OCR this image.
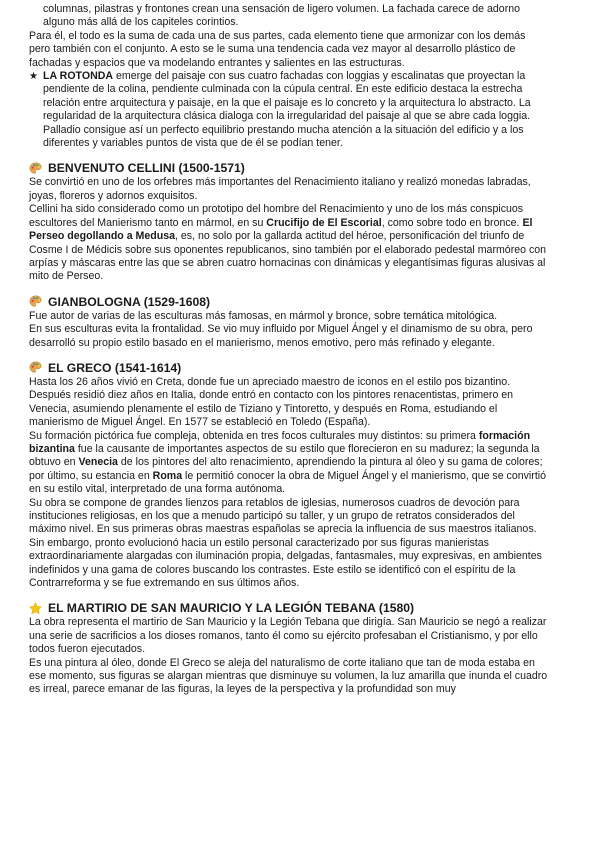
columnas, pilastras y frontones crean una sensación de ligero volumen. La fachada carece de adorno alguno más allá de los capiteles corintios.

Para él, el todo es la suma de cada una de sus partes, cada elemento tiene que armonizar con los demás pero también con el conjunto. A esto se le suma una tendencia cada vez mayor al desarrollo plástico de fachadas y espacios que va modelando entrantes y salientes en las estructuras.

★ LA ROTONDA emerge del paisaje con sus cuatro fachadas con loggias y escalinatas que proyectan la pendiente de la colina, pendiente culminada con la cúpula central. En este edificio destaca la estrecha relación entre arquitectura y paisaje, en la que el paisaje es lo concreto y la arquitectura lo abstracto. La regularidad de la arquitectura clásica dialoga con la irregularidad del paisaje al que se abre cada loggia. Palladio consigue así un perfecto equilibrio prestando mucha atención a la situación del edificio y a los diferentes y variables puntos de vista que de él se podían tener.

BENVENUTO CELLINI (1500-1571)

Se convirtió en uno de los orfebres más importantes del Renacimiento italiano y realizó monedas labradas, joyas, floreros y adornos exquisitos.

Cellini ha sido considerado como un prototipo del hombre del Renacimiento y uno de los más conspicuos escultores del Manierismo tanto en mármol, en su Crucifijo de El Escorial, como sobre todo en bronce. El Perseo degollando a Medusa, es, no solo por la gallarda actitud del héroe, personificación del triunfo de Cosme I de Médicis sobre sus oponentes republicanos, sino también por el elaborado pedestal marmóreo con arpías y máscaras entre las que se abren cuatro hornacinas con dinámicas y elegantísimas figuras alusivas al mito de Perseo.

GIANBOLOGNA (1529-1608)

Fue autor de varias de las esculturas más famosas, en mármol y bronce, sobre temática mitológica.

En sus esculturas evita la frontalidad. Se vio muy influido por Miguel Ángel y el dinamismo de su obra, pero desarrolló su propio estilo basado en el manierismo, menos emotivo, pero más refinado y elegante.

EL GRECO (1541-1614)

Hasta los 26 años vivió en Creta, donde fue un apreciado maestro de iconos en el estilo pos bizantino. Después residió diez años en Italia, donde entró en contacto con los pintores renacentistas, primero en Venecia, asumiendo plenamente el estilo de Tiziano y Tintoretto, y después en Roma, estudiando el manierismo de Miguel Ángel. En 1577 se estableció en Toledo (España).

Su formación pictórica fue compleja, obtenida en tres focos culturales muy distintos: su primera formación bizantina fue la causante de importantes aspectos de su estilo que florecieron en su madurez; la segunda la obtuvo en Venecia de los pintores del alto renacimiento, aprendiendo la pintura al óleo y su gama de colores; por último, su estancia en Roma le permitió conocer la obra de Miguel Ángel y el manierismo, que se convirtió en su estilo vital, interpretado de una forma autónoma.

Su obra se compone de grandes lienzos para retablos de iglesias, numerosos cuadros de devoción para instituciones religiosas, en los que a menudo participó su taller, y un grupo de retratos considerados del máximo nivel. En sus primeras obras maestras españolas se aprecia la influencia de sus maestros italianos. Sin embargo, pronto evolucionó hacia un estilo personal caracterizado por sus figuras manieristas extraordinariamente alargadas con iluminación propia, delgadas, fantasmales, muy expresivas, en ambientes indefinidos y una gama de colores buscando los contrastes. Este estilo se identificó con el espíritu de la Contrarreforma y se fue extremando en sus últimos años.

EL MARTIRIO DE SAN MAURICIO Y LA LEGIÓN TEBANA (1580)

La obra representa el martirio de San Mauricio y la Legión Tebana que dirigía. San Mauricio se negó a realizar una serie de sacrificios a los dioses romanos, tanto él como su ejército profesaban el Cristianismo, y por ello todos fueron ejecutados.

Es una pintura al óleo, donde El Greco se aleja del naturalismo de corte italiano que tan de moda estaba en ese momento, sus figuras se alargan mientras que disminuye su volumen, la luz amarilla que inunda el cuadro es irreal, parece emanar de las figuras, la leyes de la perspectiva y la profundidad son muy
